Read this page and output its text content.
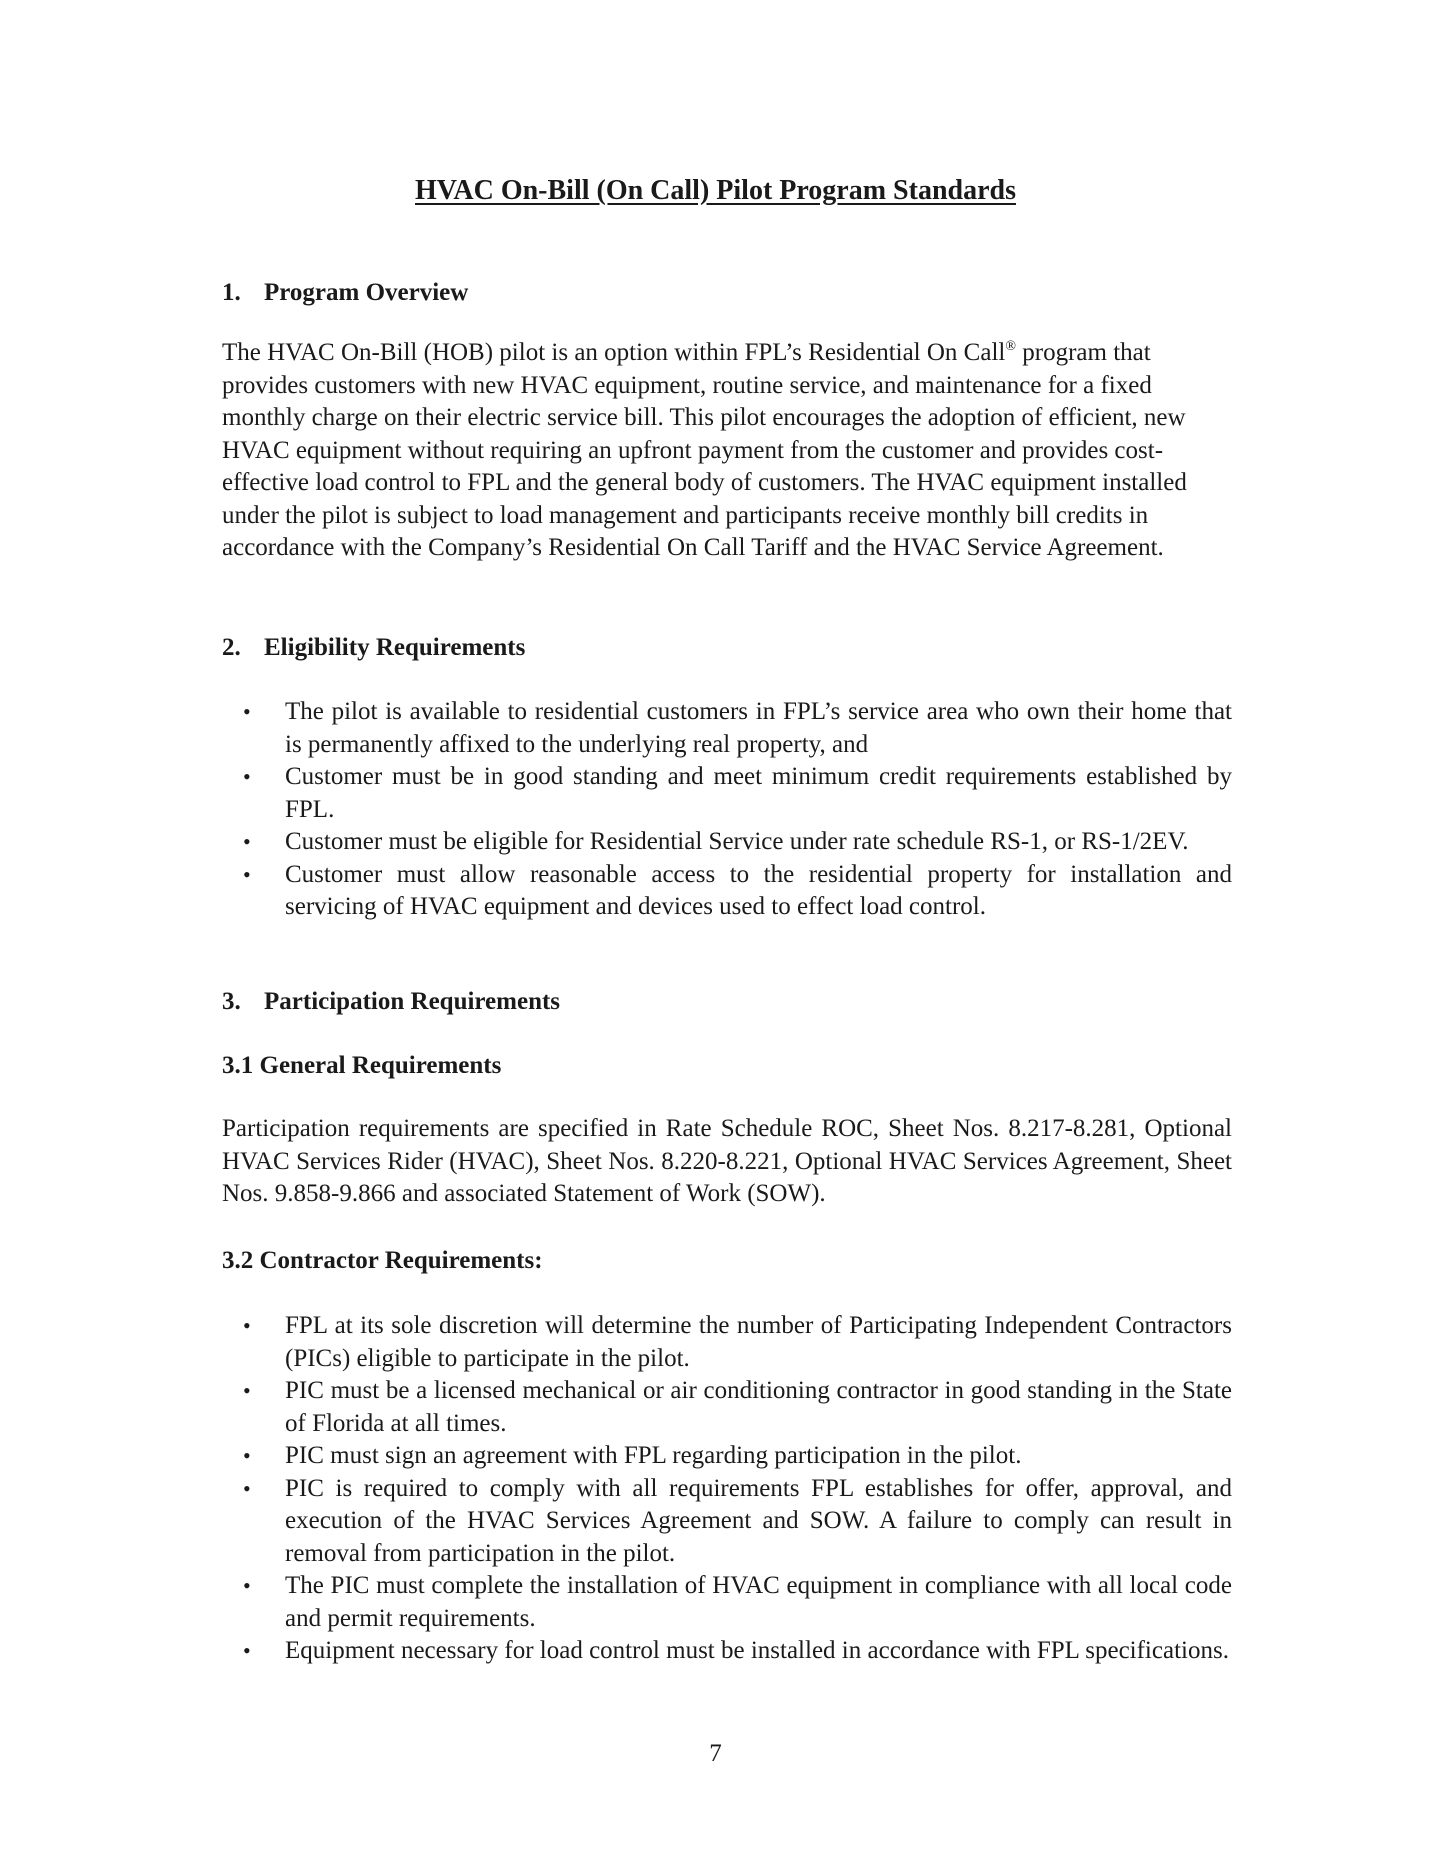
HVAC On-Bill (On Call) Pilot Program Standards
1. Program Overview

The HVAC On-Bill (HOB) pilot is an option within FPL’s Residential On Call® program that provides customers with new HVAC equipment, routine service, and maintenance for a fixed monthly charge on their electric service bill. This pilot encourages the adoption of efficient, new HVAC equipment without requiring an upfront payment from the customer and provides cost-effective load control to FPL and the general body of customers. The HVAC equipment installed under the pilot is subject to load management and participants receive monthly bill credits in accordance with the Company’s Residential On Call Tariff and the HVAC Service Agreement.

2. Eligibility Requirements
• The pilot is available to residential customers in FPL’s service area who own their home that is permanently affixed to the underlying real property, and
• Customer must be in good standing and meet minimum credit requirements established by FPL.
• Customer must be eligible for Residential Service under rate schedule RS-1, or RS-1/2EV.
• Customer must allow reasonable access to the residential property for installation and servicing of HVAC equipment and devices used to effect load control.
3. Participation Requirements
3.1 General Requirements

Participation requirements are specified in Rate Schedule ROC, Sheet Nos. 8.217-8.281, Optional HVAC Services Rider (HVAC), Sheet Nos. 8.220-8.221, Optional HVAC Services Agreement, Sheet Nos. 9.858-9.866 and associated Statement of Work (SOW).

3.2 Contractor Requirements:
• FPL at its sole discretion will determine the number of Participating Independent Contractors (PICs) eligible to participate in the pilot.
• PIC must be a licensed mechanical or air conditioning contractor in good standing in the State of Florida at all times.
• PIC must sign an agreement with FPL regarding participation in the pilot.
• PIC is required to comply with all requirements FPL establishes for offer, approval, and execution of the HVAC Services Agreement and SOW. A failure to comply can result in removal from participation in the pilot.
• The PIC must complete the installation of HVAC equipment in compliance with all local code and permit requirements.
• Equipment necessary for load control must be installed in accordance with FPL specifications.

7
